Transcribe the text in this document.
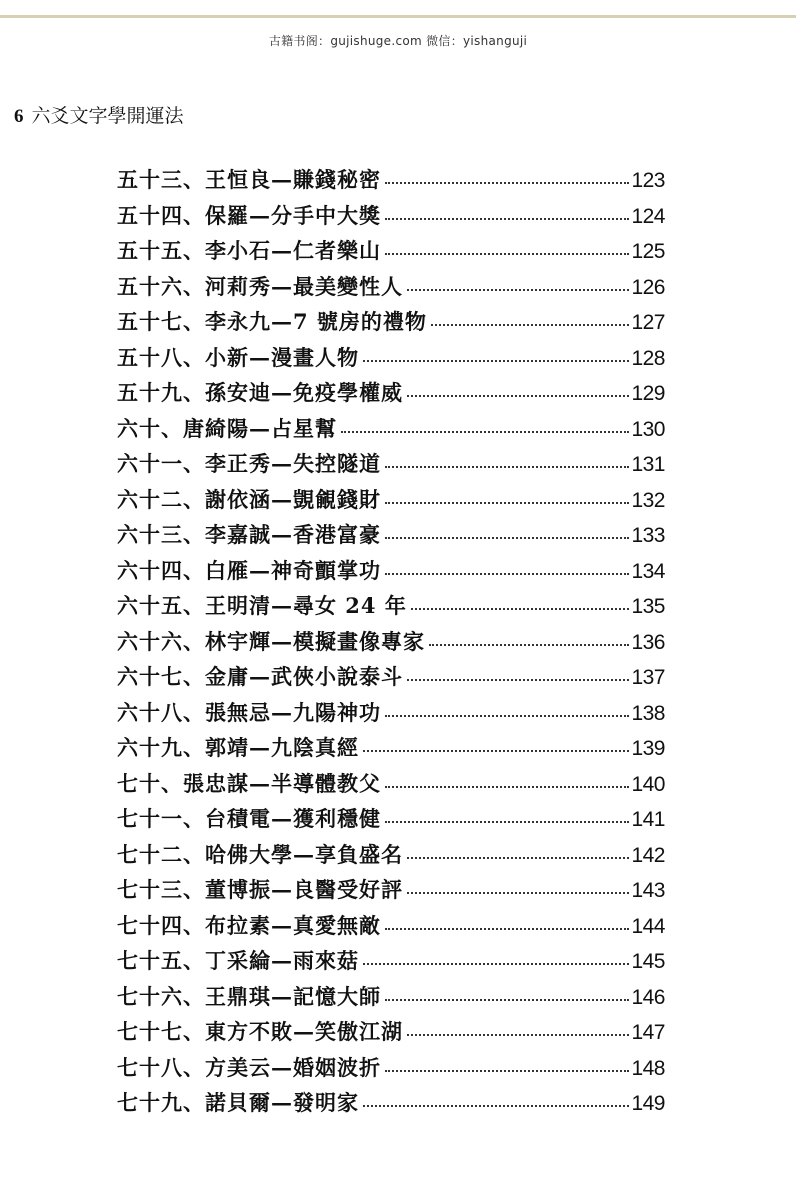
古籍书阁：gujishuge.com 微信：yishanguji
6 六爻文字學開運法
五十三、王恒良—賺錢秘密	123
五十四、保羅—分手中大獎	124
五十五、李小石—仁者樂山	125
五十六、河莉秀—最美變性人	126
五十七、李永九—7 號房的禮物	127
五十八、小新—漫畫人物	128
五十九、孫安迪—免疫學權威	129
六十、唐綺陽—占星幫	130
六十一、李正秀—失控隧道	131
六十二、謝依涵—覬覦錢財	132
六十三、李嘉誠—香港富豪	133
六十四、白雁—神奇顫掌功	134
六十五、王明清—尋女 24 年	135
六十六、林宇輝—模擬畫像專家	136
六十七、金庸—武俠小說泰斗	137
六十八、張無忌—九陽神功	138
六十九、郭靖—九陰真經	139
七十、張忠謀—半導體教父	140
七十一、台積電—獲利穩健	141
七十二、哈佛大學—享負盛名	142
七十三、董博振—良醫受好評	143
七十四、布拉素—真愛無敵	144
七十五、丁采綸—雨來菇	145
七十六、王鼎琪—記憶大師	146
七十七、東方不敗—笑傲江湖	147
七十八、方美云—婚姻波折	148
七十九、諾貝爾—發明家	149
